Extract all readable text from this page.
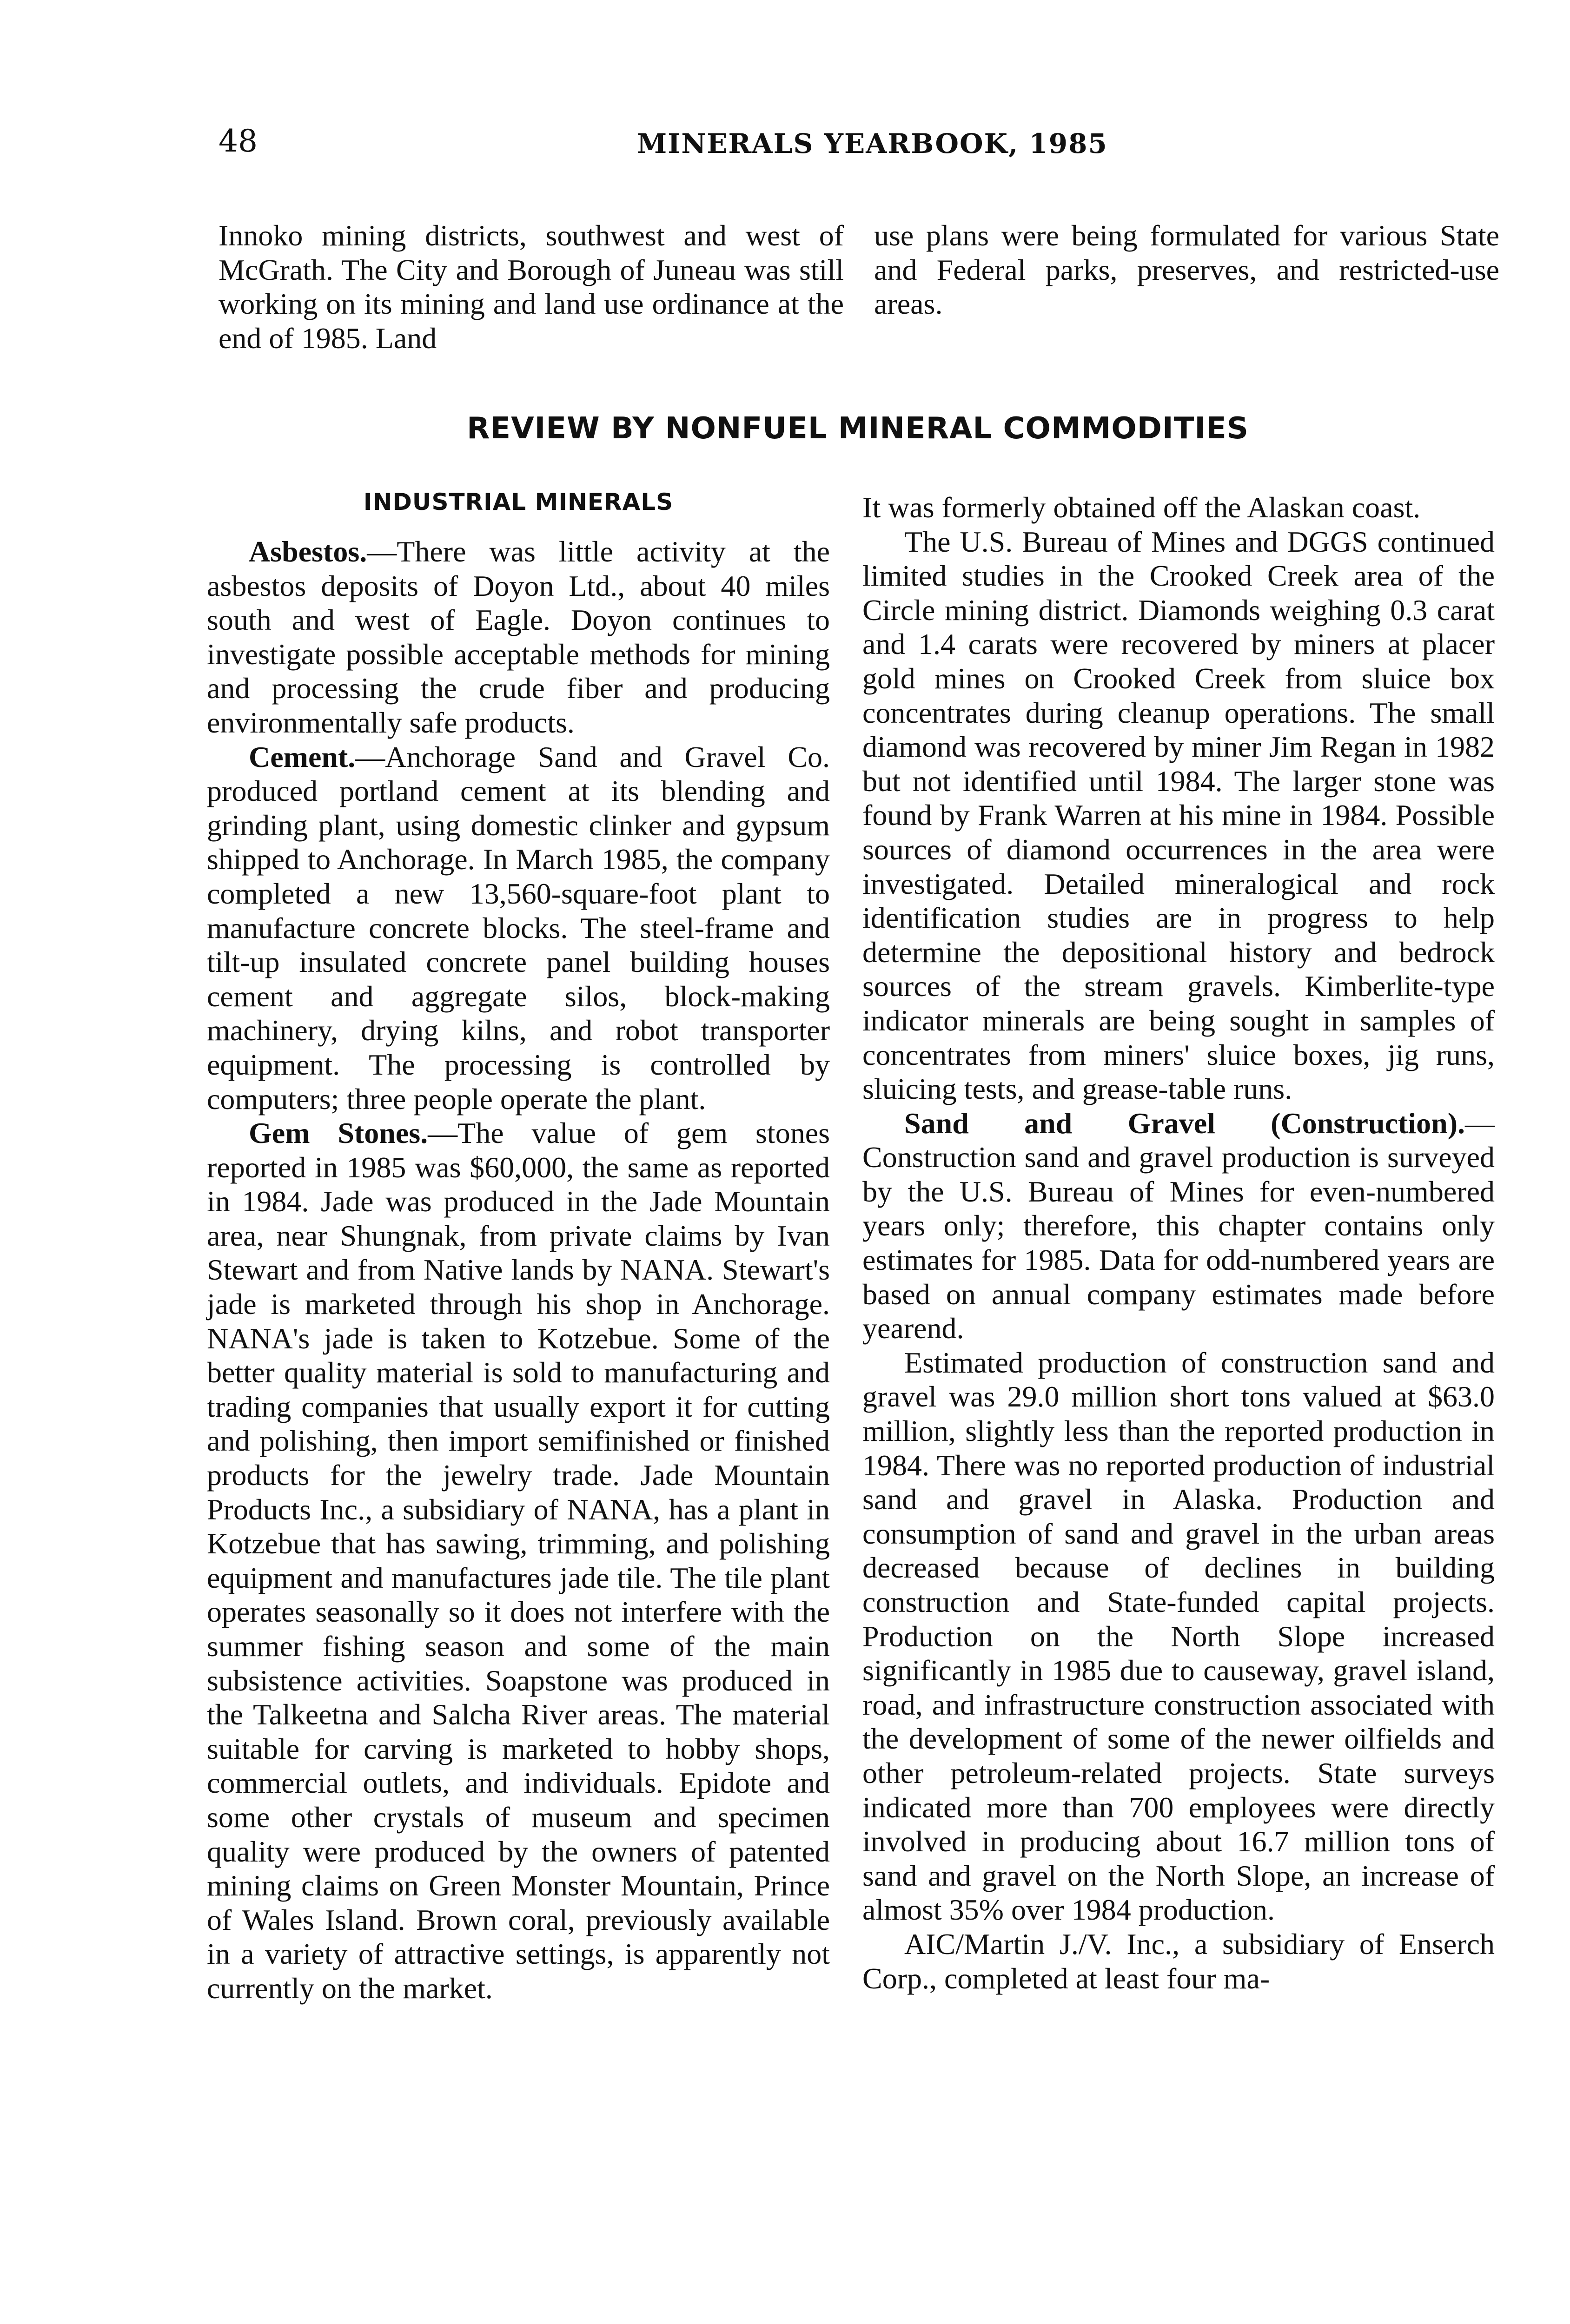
48	MINERALS YEARBOOK, 1985

Innoko mining districts, southwest and west of McGrath. The City and Borough of Juneau was still working on its mining and land use ordinance at the end of 1985. Land

use plans were being formulated for various State and Federal parks, preserves, and restricted-use areas.

REVIEW BY NONFUEL MINERAL COMMODITIES
INDUSTRIAL MINERALS

Asbestos.—There was little activity at the asbestos deposits of Doyon Ltd., about 40 miles south and west of Eagle. Doyon continues to investigate possible acceptable methods for mining and processing the crude fiber and producing environmentally safe products.

Cement.—Anchorage Sand and Gravel Co. produced portland cement at its blending and grinding plant, using domestic clinker and gypsum shipped to Anchorage. In March 1985, the company completed a new 13,560-square-foot plant to manufacture concrete blocks. The steel-frame and tilt-up insulated concrete panel building houses cement and aggregate silos, block-making machinery, drying kilns, and robot transporter equipment. The processing is controlled by computers; three people operate the plant.

Gem Stones.—The value of gem stones reported in 1985 was $60,000, the same as reported in 1984. Jade was produced in the Jade Mountain area, near Shungnak, from private claims by Ivan Stewart and from Native lands by NANA. Stewart's jade is marketed through his shop in Anchorage. NANA's jade is taken to Kotzebue. Some of the better quality material is sold to manufacturing and trading companies that usually export it for cutting and polishing, then import semifinished or finished products for the jewelry trade. Jade Mountain Products Inc., a subsidiary of NANA, has a plant in Kotzebue that has sawing, trimming, and polishing equipment and manufactures jade tile. The tile plant operates seasonally so it does not interfere with the summer fishing season and some of the main subsistence activities. Soapstone was produced in the Talkeetna and Salcha River areas. The material suitable for carving is marketed to hobby shops, commercial outlets, and individuals. Epidote and some other crystals of museum and specimen quality were produced by the owners of patented mining claims on Green Monster Mountain, Prince of Wales Island. Brown coral, previously available in a variety of attractive settings, is apparently not currently on the market.

It was formerly obtained off the Alaskan coast.

The U.S. Bureau of Mines and DGGS continued limited studies in the Crooked Creek area of the Circle mining district. Diamonds weighing 0.3 carat and 1.4 carats were recovered by miners at placer gold mines on Crooked Creek from sluice box concentrates during cleanup operations. The small diamond was recovered by miner Jim Regan in 1982 but not identified until 1984. The larger stone was found by Frank Warren at his mine in 1984. Possible sources of diamond occurrences in the area were investigated. Detailed mineralogical and rock identification studies are in progress to help determine the depositional history and bedrock sources of the stream gravels. Kimberlite-type indicator minerals are being sought in samples of concentrates from miners' sluice boxes, jig runs, sluicing tests, and grease-table runs.

Sand and Gravel (Construction).—Construction sand and gravel production is surveyed by the U.S. Bureau of Mines for even-numbered years only; therefore, this chapter contains only estimates for 1985. Data for odd-numbered years are based on annual company estimates made before yearend.

Estimated production of construction sand and gravel was 29.0 million short tons valued at $63.0 million, slightly less than the reported production in 1984. There was no reported production of industrial sand and gravel in Alaska. Production and consumption of sand and gravel in the urban areas decreased because of declines in building construction and State-funded capital projects. Production on the North Slope increased significantly in 1985 due to causeway, gravel island, road, and infrastructure construction associated with the development of some of the newer oilfields and other petroleum-related projects. State surveys indicated more than 700 employees were directly involved in producing about 16.7 million tons of sand and gravel on the North Slope, an increase of almost 35% over 1984 production.

AIC/Martin J./V. Inc., a subsidiary of Enserch Corp., completed at least four ma-
